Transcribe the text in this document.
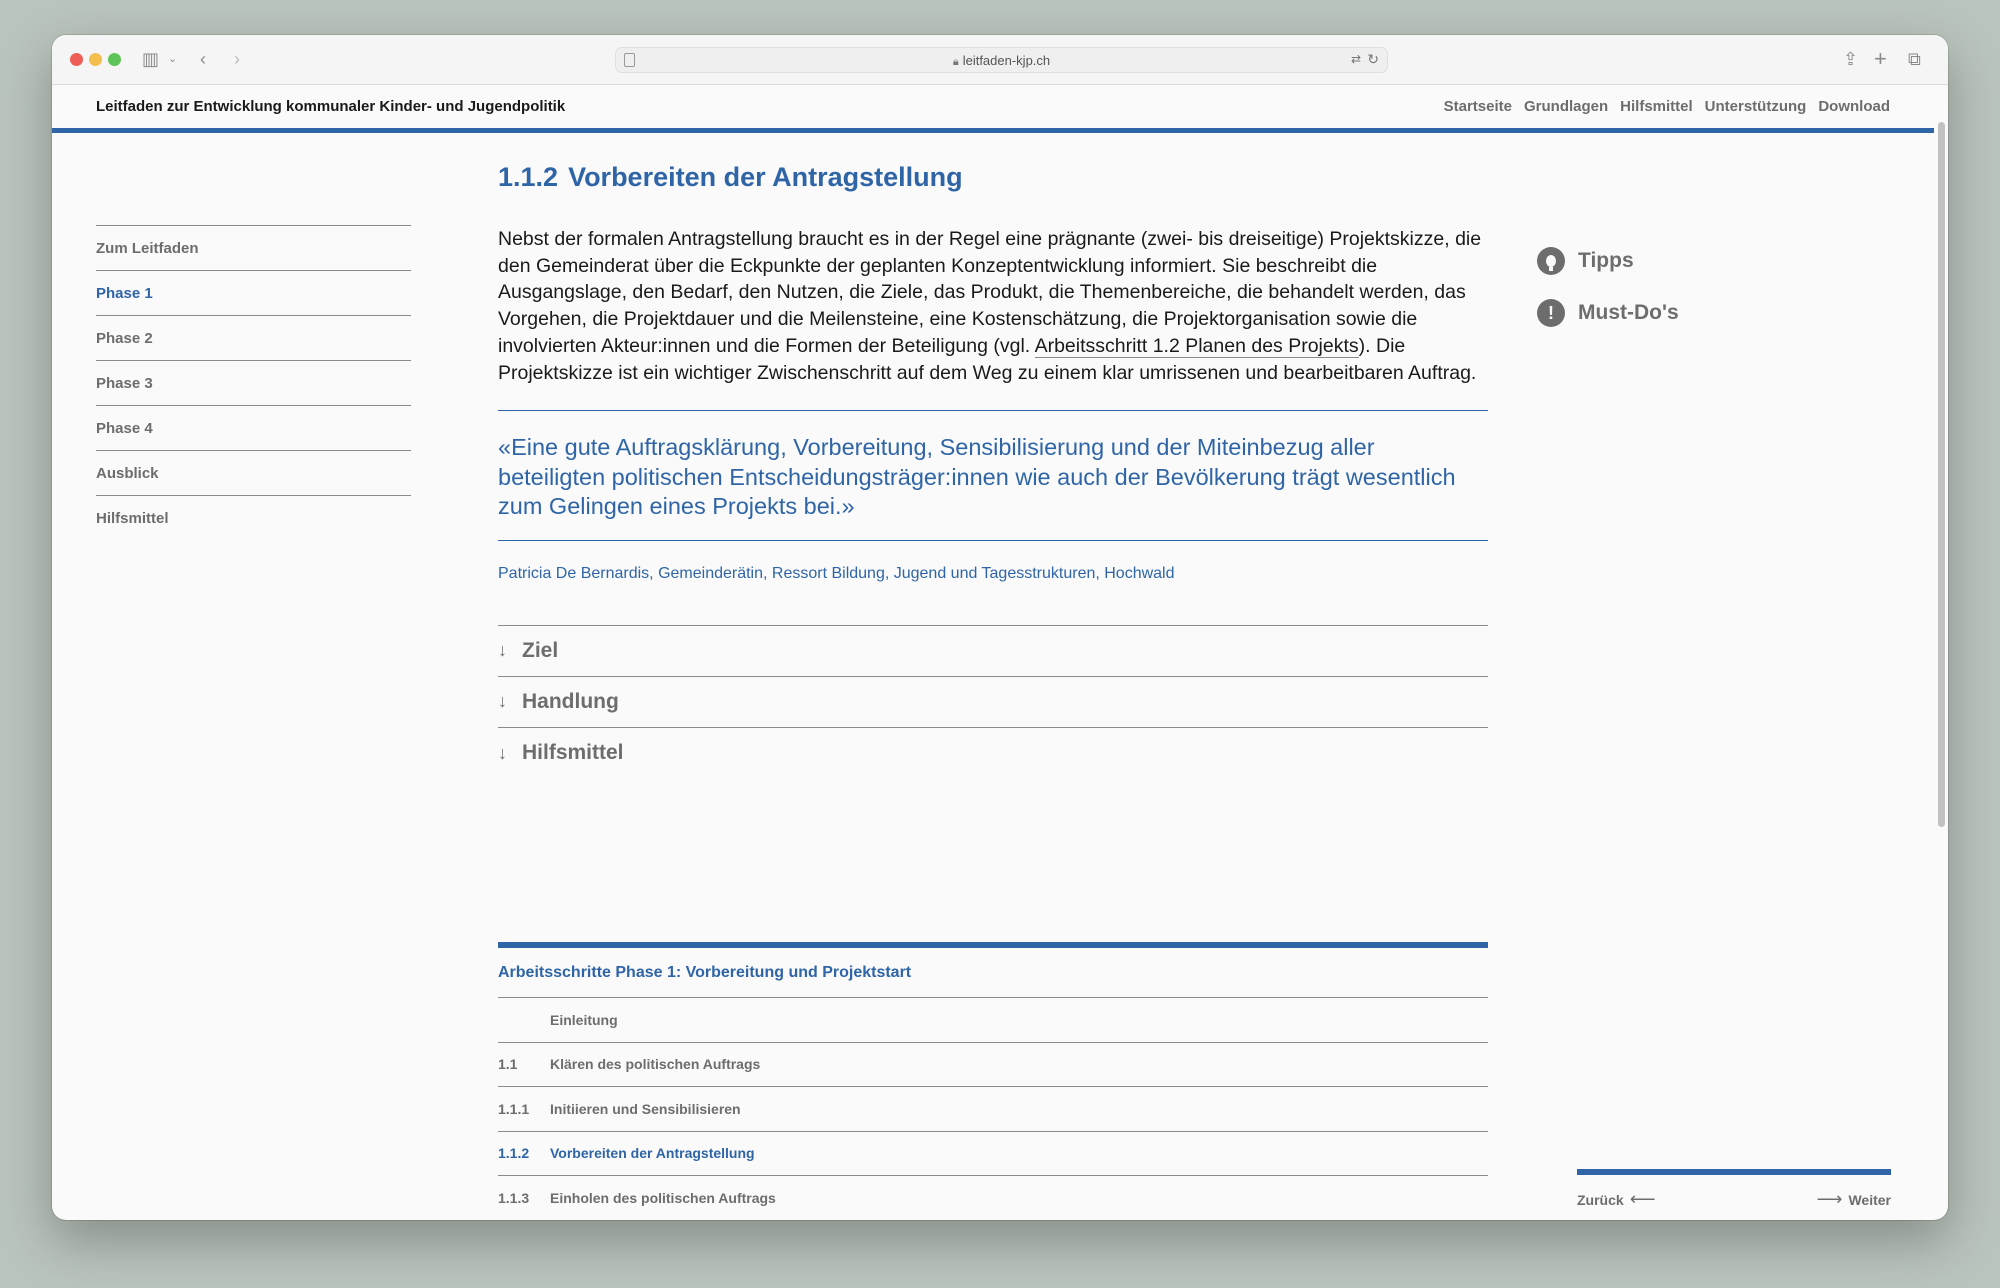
▥ ⌄ ‹ ›	🔒︎ leitfaden-kjp.ch	⇄ ↻	⇪ + ⧉
Leitfaden zur Entwicklung kommunaler Kinder- und Jugendpolitik	Startseite Grundlagen Hilfsmittel Unterstützung Download
Zum Leitfaden
Phase 1
Phase 2
Phase 3
Phase 4
Ausblick
Hilfsmittel
1.1.2 Vorbereiten der Antragstellung

Nebst der formalen Antragstellung braucht es in der Regel eine prägnante (zwei- bis dreiseitige) Projektskizze, die den Gemeinderat über die Eckpunkte der geplanten Konzeptentwicklung informiert. Sie beschreibt die Ausgangslage, den Bedarf, den Nutzen, die Ziele, das Produkt, die Themenbereiche, die behandelt werden, das Vorgehen, die Projektdauer und die Meilensteine, eine Kostenschätzung, die Projektorganisation sowie die involvierten Akteur:innen und die Formen der Beteiligung (vgl. Arbeitsschritt 1.2 Planen des Projekts). Die Projektskizze ist ein wichtiger Zwischenschritt auf dem Weg zu einem klar umrissenen und bearbeitbaren Auftrag.

«Eine gute Auftragsklärung, Vorbereitung, Sensibilisierung und der Miteinbezug aller beteiligten politischen Entscheidungsträger:innen wie auch der Bevölkerung trägt wesentlich zum Gelingen eines Projekts bei.»

Patricia De Bernardis, Gemeinderätin, Ressort Bildung, Jugend und Tagesstrukturen, Hochwald

↓ Ziel
↓ Handlung
↓ Hilfsmittel
Arbeitsschritte Phase 1: Vorbereitung und Projektstart
Einleitung
1.1	Klären des politischen Auftrags
1.1.1	Initiieren und Sensibilisieren
1.1.2	Vorbereiten der Antragstellung
1.1.3	Einholen des politischen Auftrags
Tipps
!	Must-Do's
Zurück ⟵	⟶ Weiter
